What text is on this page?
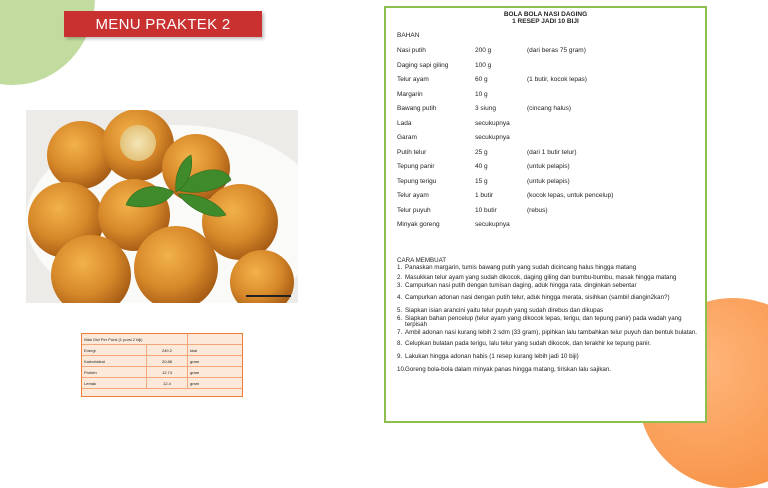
MENU PRAKTEK 2
Nilai Gizi Per Porsi (1 porsi 2 biji)		
Energi	249.2	kkal
Karbohidrat	20.88	gram
Protein	12.74	gram
Lemak	12.4	gram
BOLA BOLA NASI DAGING
1 RESEP JADI 10 BIJI
BAHAN
Nasi putih	200 g	(dari beras 75 gram)
Daging sapi giling	100 g
Telur ayam	60 g	(1 butir, kocok lepas)
Margarin	10 g
Bawang putih	3 siung	(cincang halus)
Lada	secukupnya
Garam	secukupnya
Putih telur	25 g	(dari 1 butir telur)
Tepung panir	40 g	(untuk pelapis)
Tepung terigu	15 g	(untuk pelapis)
Telur ayam	1 butir	(kocok lepas, untuk pencelup)
Telur puyuh	10 butir	(rebus)
Minyak goreng	secukupnya
CARA MEMBUAT
1. Panaskan margarin, tumis bawang putih yang sudah dicincang halus hingga matang
2. Masukkan telur ayam yang sudah dikocok, daging giling dan bumbu-bumbu, masak hingga matang
3. Campurkan nasi putih dengan tumisan daging, aduk hingga rata. dinginkan sebentar
4. Campurkan adonan nasi dengan putih telur, aduk hingga merata, sisihkan (sambil diangin2kan?)
5. Siapkan isian arancini yaitu telur puyuh yang sudah direbus dan dikupas
6. Siapkan bahan pencelup (telur ayam yang dikocok lepas, terigu, dan tepung panir) pada wadah yang terpisah
7. Ambil adonan nasi kurang lebih 2 sdm (33 gram), pipihkan lalu tambahkan telur puyuh dan bentuk bulatan.
8. Celupkan bulatan pada terigu, lalu telur yang sudah dikocok, dan terakhir ke tepung panir.
9. Lakukan hingga adonan habis (1 resep kurang lebih jadi 10 biji)
10. Goreng bola-bola dalam minyak panas hingga matang, tiriskan lalu sajikan.
